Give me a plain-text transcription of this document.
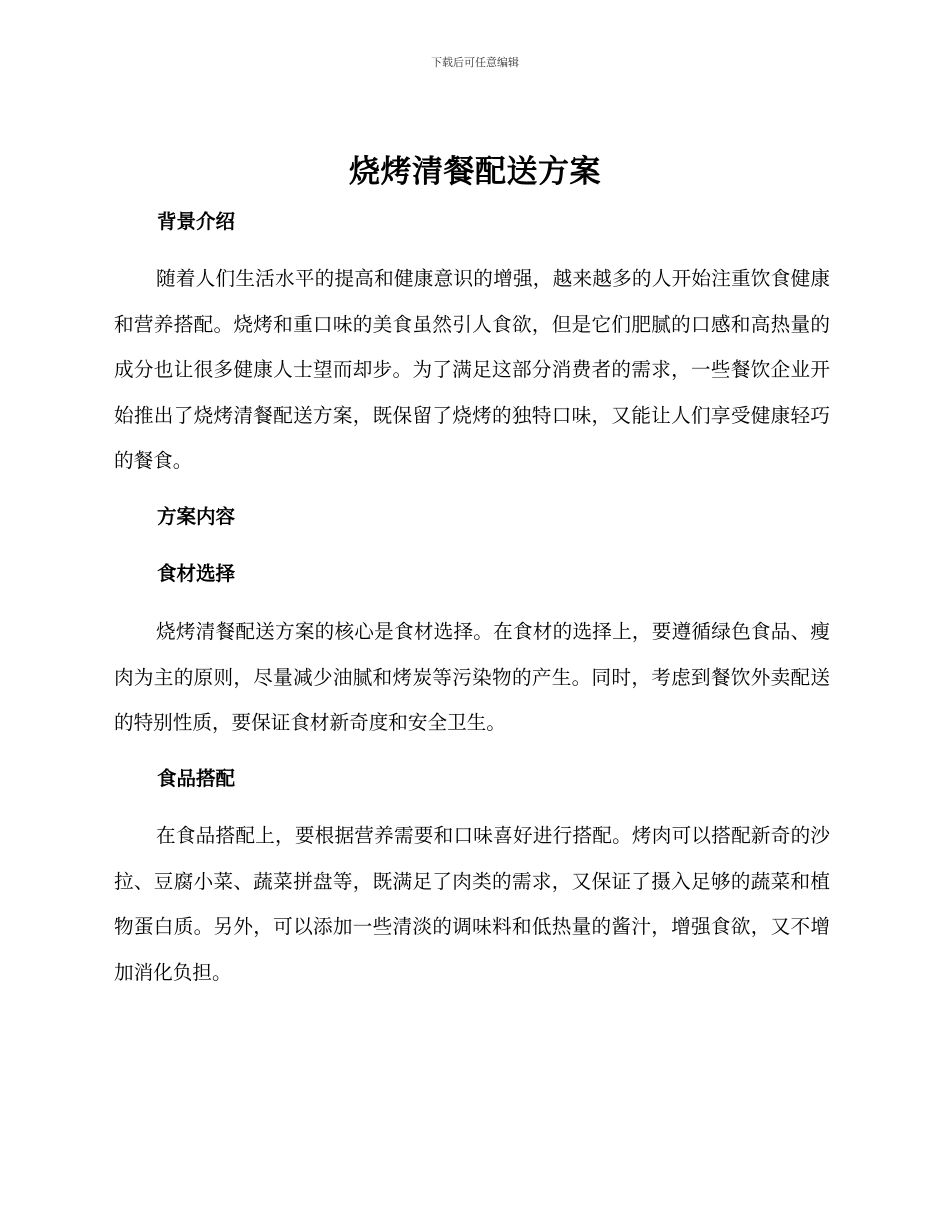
下载后可任意编辑
烧烤清餐配送方案
背景介绍

随着人们生活水平的提高和健康意识的增强，越来越多的人开始注重饮食健康和营养搭配。烧烤和重口味的美食虽然引人食欲，但是它们肥腻的口感和高热量的成分也让很多健康人士望而却步。为了满足这部分消费者的需求，一些餐饮企业开始推出了烧烤清餐配送方案，既保留了烧烤的独特口味，又能让人们享受健康轻巧的餐食。

方案内容
食材选择

烧烤清餐配送方案的核心是食材选择。在食材的选择上，要遵循绿色食品、瘦肉为主的原则，尽量减少油腻和烤炭等污染物的产生。同时，考虑到餐饮外卖配送的特别性质，要保证食材新奇度和安全卫生。

食品搭配

在食品搭配上，要根据营养需要和口味喜好进行搭配。烤肉可以搭配新奇的沙拉、豆腐小菜、蔬菜拼盘等，既满足了肉类的需求，又保证了摄入足够的蔬菜和植物蛋白质。另外，可以添加一些清淡的调味料和低热量的酱汁，增强食欲，又不增加消化负担。
